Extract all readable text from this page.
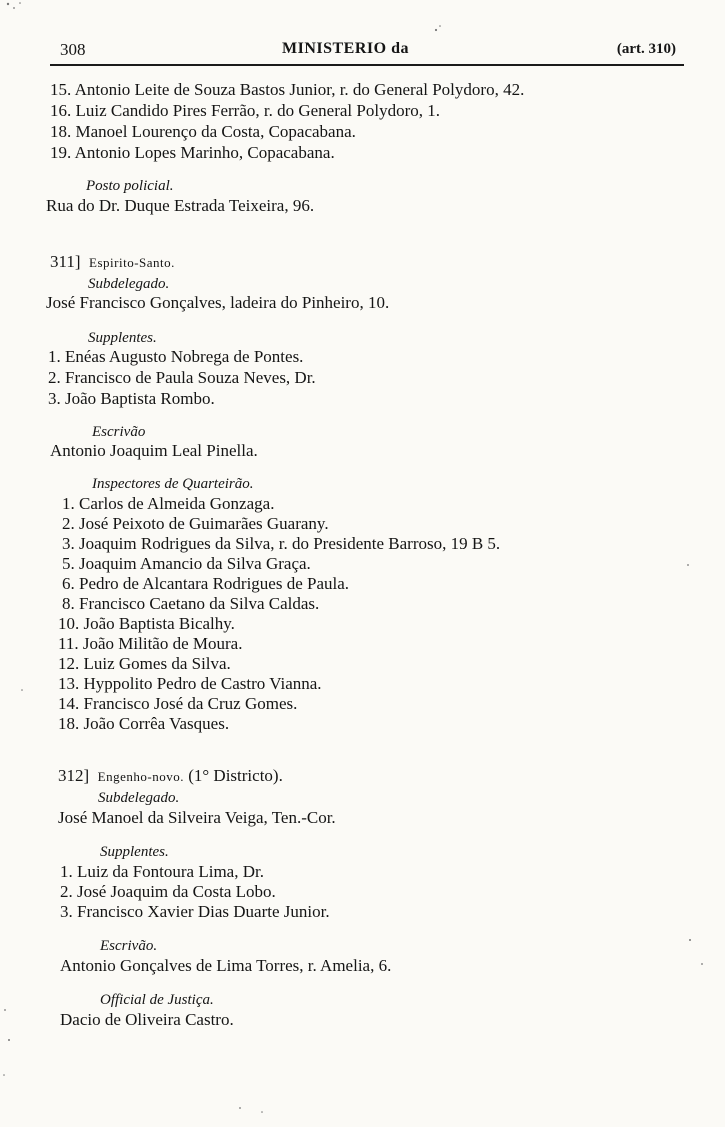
308	MINISTERIO da	(art. 310)
15. Antonio Leite de Souza Bastos Junior, r. do General Polydoro, 42.
16. Luiz Candido Pires Ferrão, r. do General Polydoro, 1.
18. Manoel Lourenço da Costa, Copacabana.
19. Antonio Lopes Marinho, Copacabana.
Posto policial.
Rua do Dr. Duque Estrada Teixeira, 96.
311] Espirito-Santo.
Subdelegado.
José Francisco Gonçalves, ladeira do Pinheiro, 10.
Supplentes.
1. Enéas Augusto Nobrega de Pontes.
2. Francisco de Paula Souza Neves, Dr.
3. João Baptista Rombo.
Escrivão
Antonio Joaquim Leal Pinella.
Inspectores de Quarteirão.
1. Carlos de Almeida Gonzaga.
2. José Peixoto de Guimarães Guarany.
3. Joaquim Rodrigues da Silva, r. do Presidente Barroso, 19 B 5.
5. Joaquim Amancio da Silva Graça.
6. Pedro de Alcantara Rodrigues de Paula.
8. Francisco Caetano da Silva Caldas.
10. João Baptista Bicalhy.
11. João Militão de Moura.
12. Luiz Gomes da Silva.
13. Hyppolito Pedro de Castro Vianna.
14. Francisco José da Cruz Gomes.
18. João Corrêa Vasques.
312] Engenho-novo. (1° Districto).
Subdelegado.
José Manoel da Silveira Veiga, Ten.-Cor.
Supplentes.
1. Luiz da Fontoura Lima, Dr.
2. José Joaquim da Costa Lobo.
3. Francisco Xavier Dias Duarte Junior.
Escrivão.
Antonio Gonçalves de Lima Torres, r. Amelia, 6.
Official de Justiça.
Dacio de Oliveira Castro.
